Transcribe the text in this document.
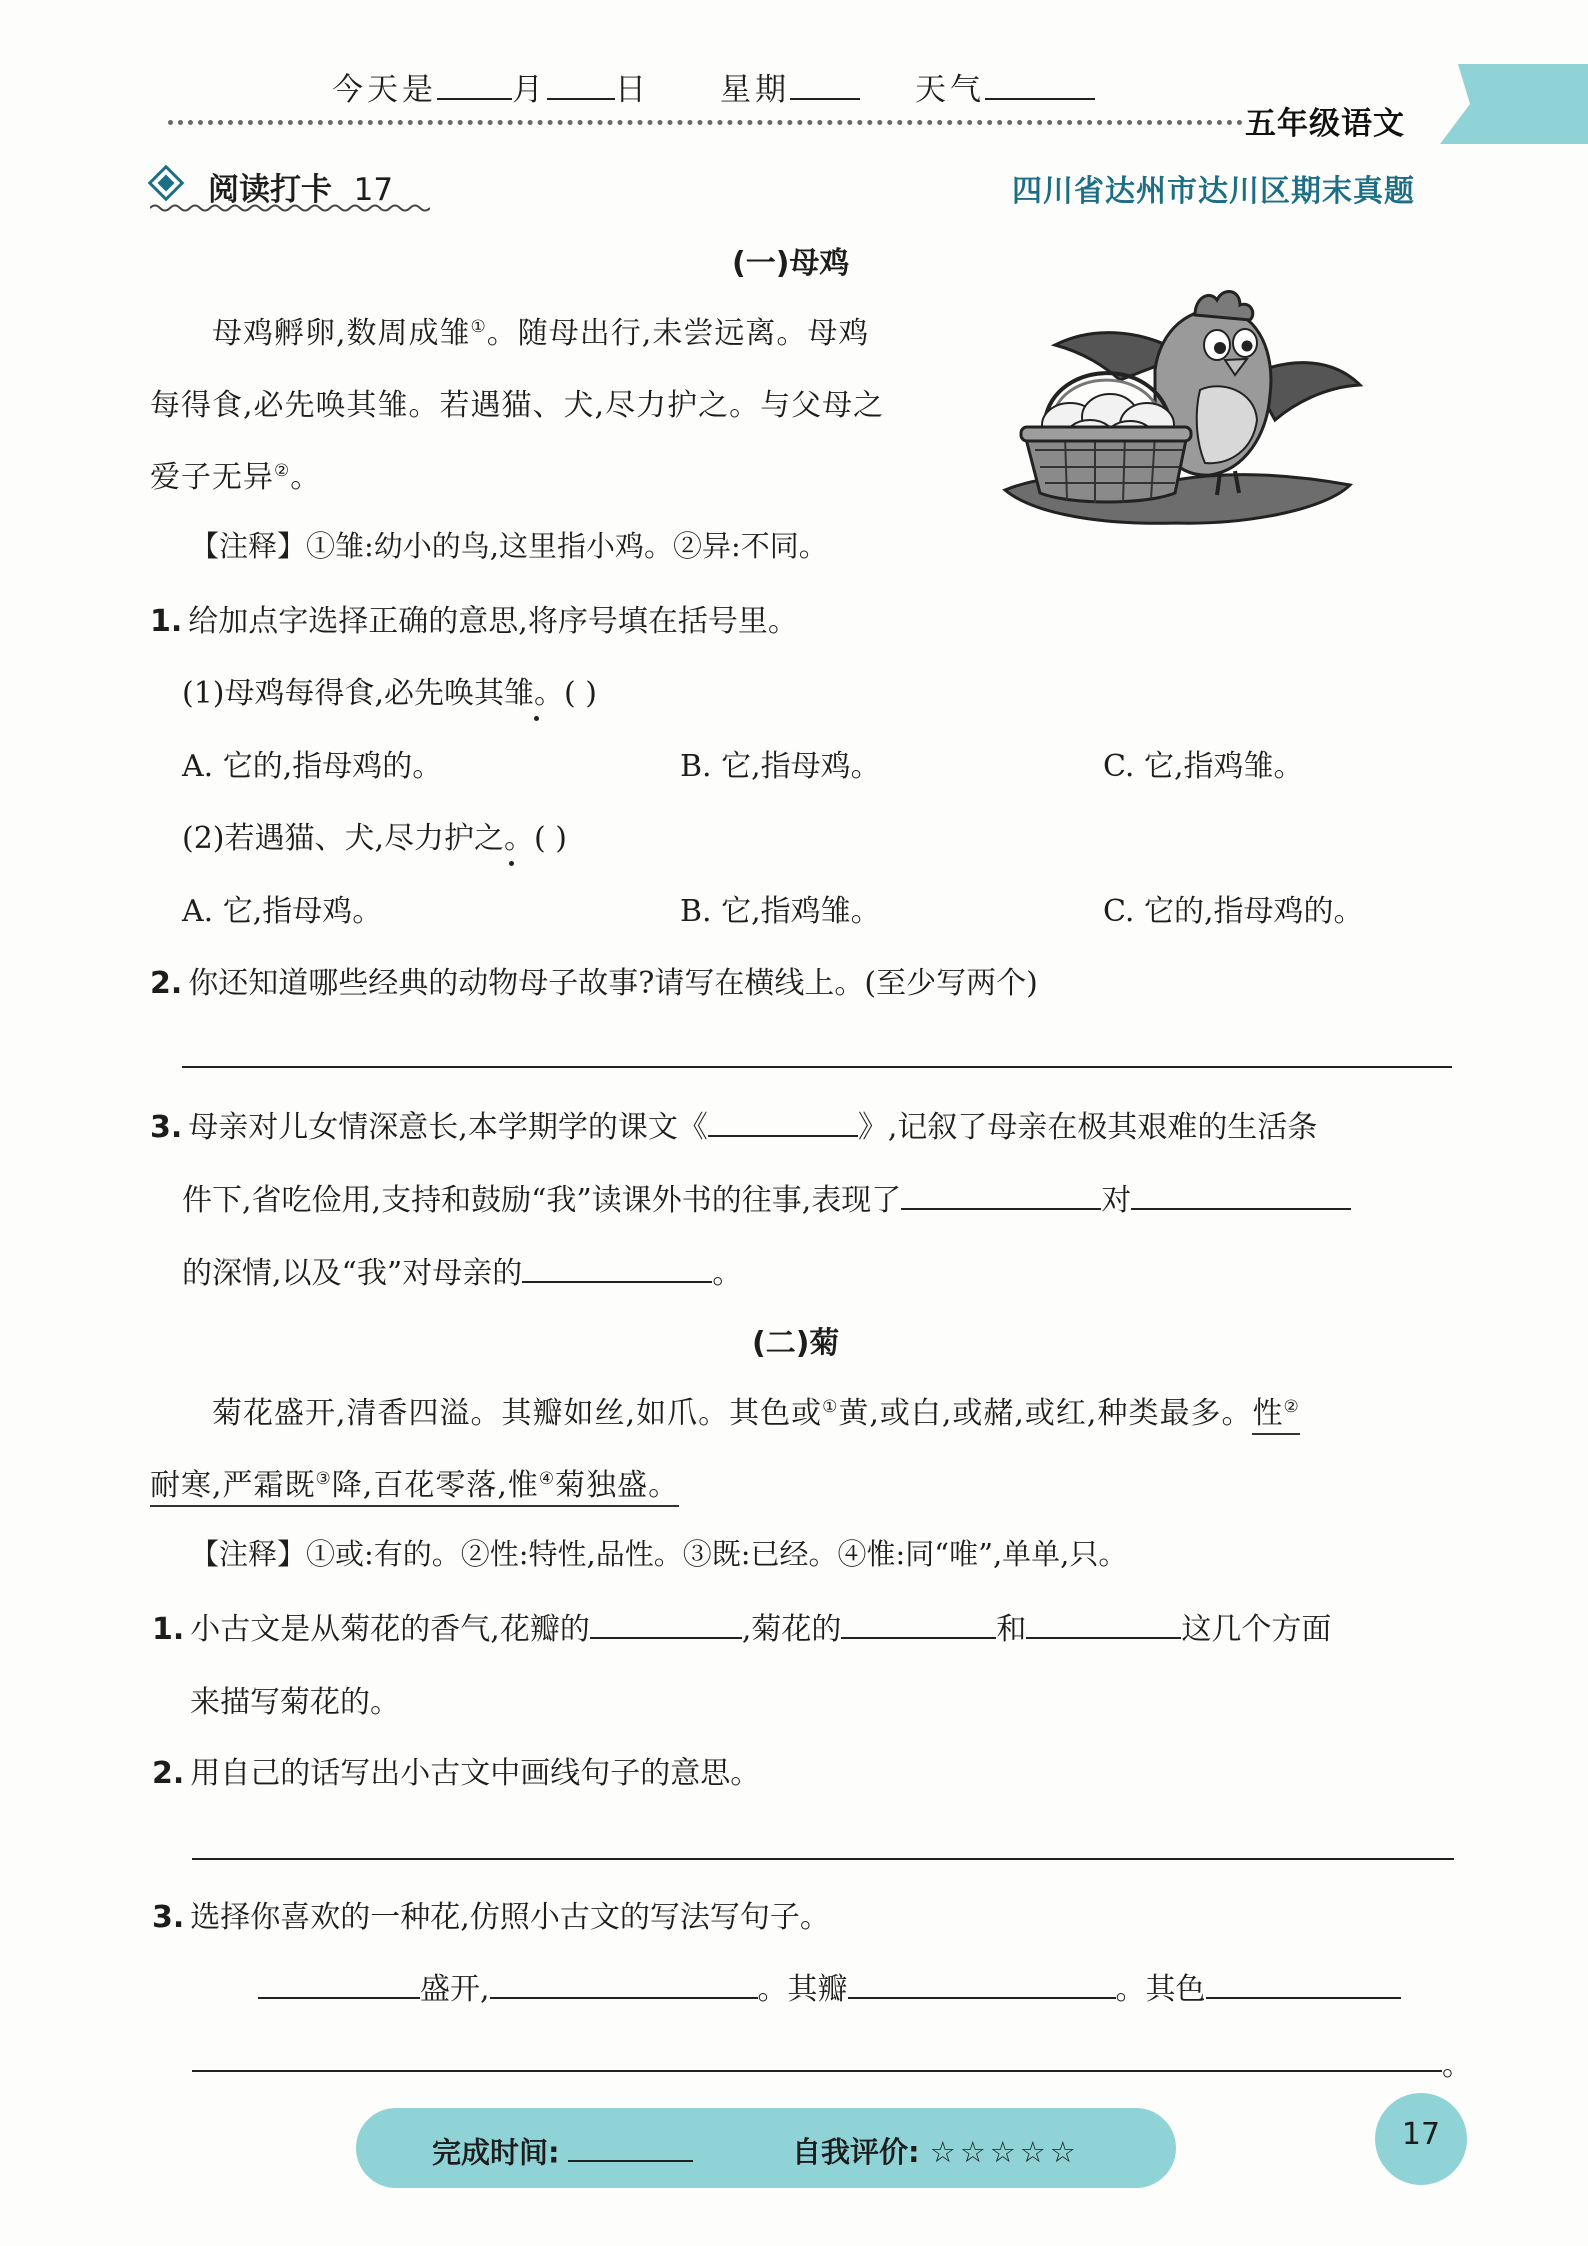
今天是 月 日 星期	天气
五年级语文
阅读打卡 17	四川省达州市达川区期末真题
(一)母鸡
母鸡孵卵,数周成雏①。随母出行,未尝远离。母鸡
每得食,必先唤其雏。若遇猫、犬,尽力护之。与父母之
爱子无异②。
【注释】①雏:幼小的鸟,这里指小鸡。②异:不同。
1. 给加点字选择正确的意思,将序号填在括号里。
(1)母鸡每得食,必先唤其雏。( )
A. 它的,指母鸡的。	B. 它,指母鸡。	C. 它,指鸡雏。
(2)若遇猫、犬,尽力护之。( )
A. 它,指母鸡。	B. 它,指鸡雏。	C. 它的,指母鸡的。
2. 你还知道哪些经典的动物母子故事?请写在横线上。(至少写两个)
3. 母亲对儿女情深意长,本学期学的课文《	》,记叙了母亲在极其艰难的生活条
件下,省吃俭用,支持和鼓励“我”读课外书的往事,表现了	对
的深情,以及“我”对母亲的	。
(二)菊
菊花盛开,清香四溢。其瓣如丝,如爪。其色或①黄,或白,或赭,或红,种类最多。性②
耐寒,严霜既③降,百花零落,惟④菊独盛。
【注释】①或:有的。②性:特性,品性。③既:已经。④惟:同“唯”,单单,只。
1. 小古文是从菊花的香气,花瓣的	,菊花的	和	这几个方面
来描写菊花的。
2. 用自己的话写出小古文中画线句子的意思。
3. 选择你喜欢的一种花,仿照小古文的写法写句子。
盛开,	。其瓣	。其色
。
完成时间:	自我评价: ☆☆☆☆☆	17
